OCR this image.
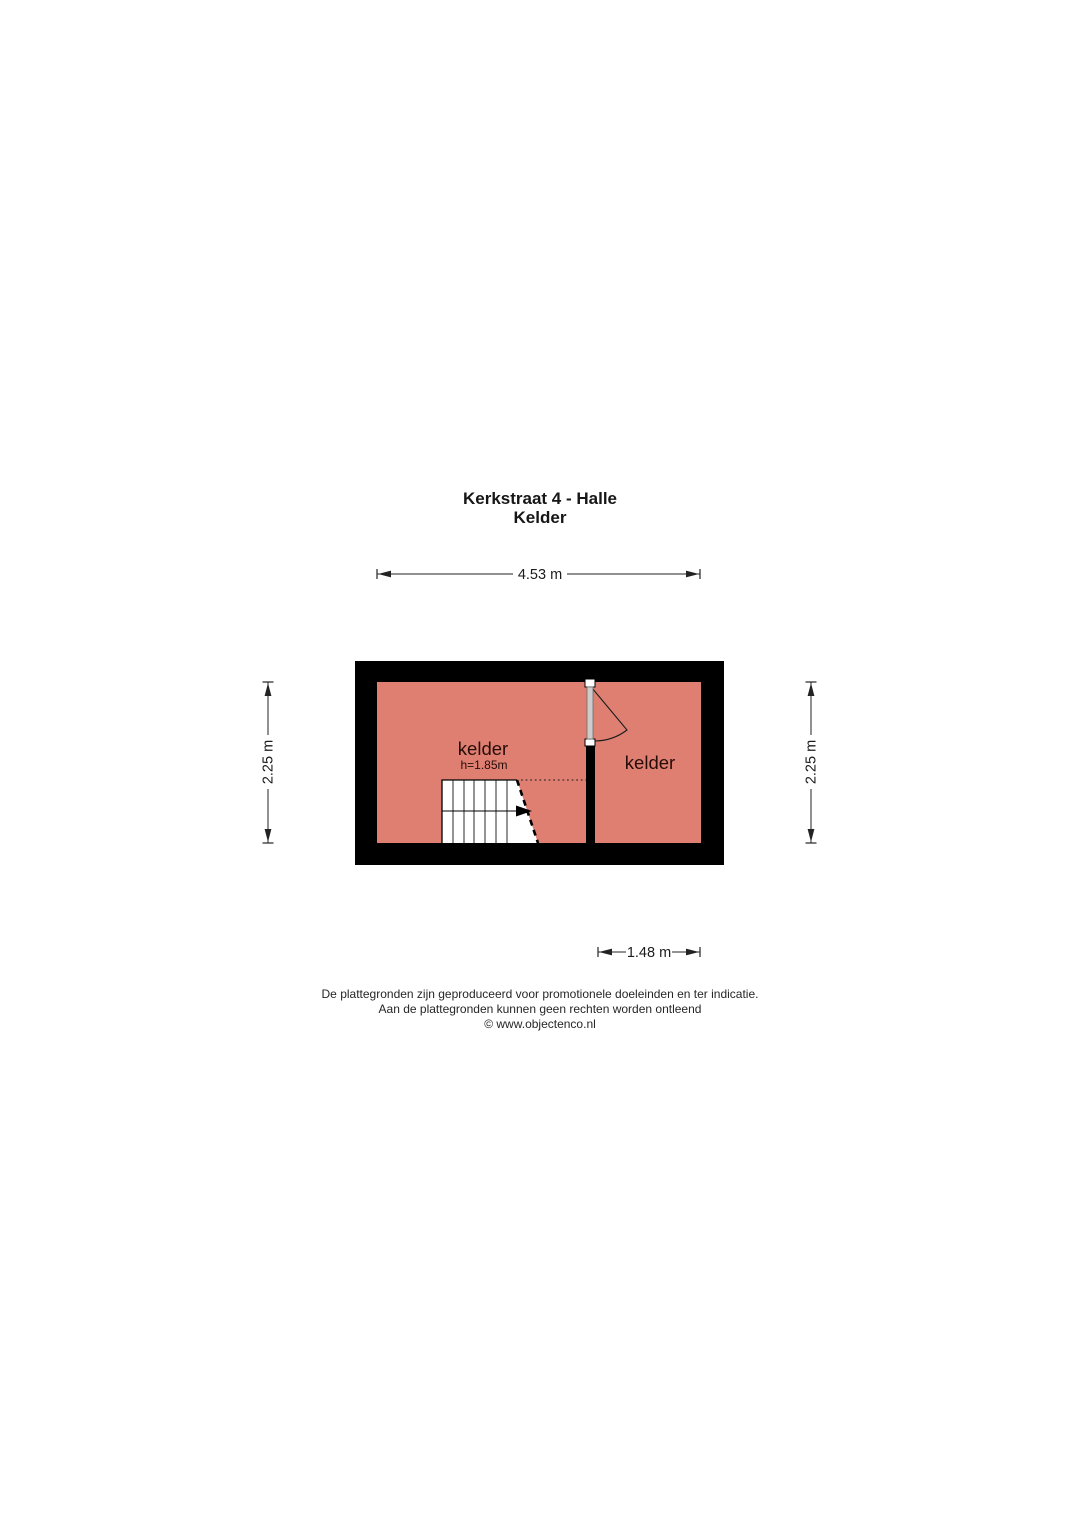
Kerkstraat 4 - Halle
Kelder
4.53 m
2.25 m	2.25 m
1.48 m
kelder
h=1.85m	kelder
De plattegronden zijn geproduceerd voor promotionele doeleinden en ter indicatie.
Aan de plattegronden kunnen geen rechten worden ontleend
© www.objectenco.nl
